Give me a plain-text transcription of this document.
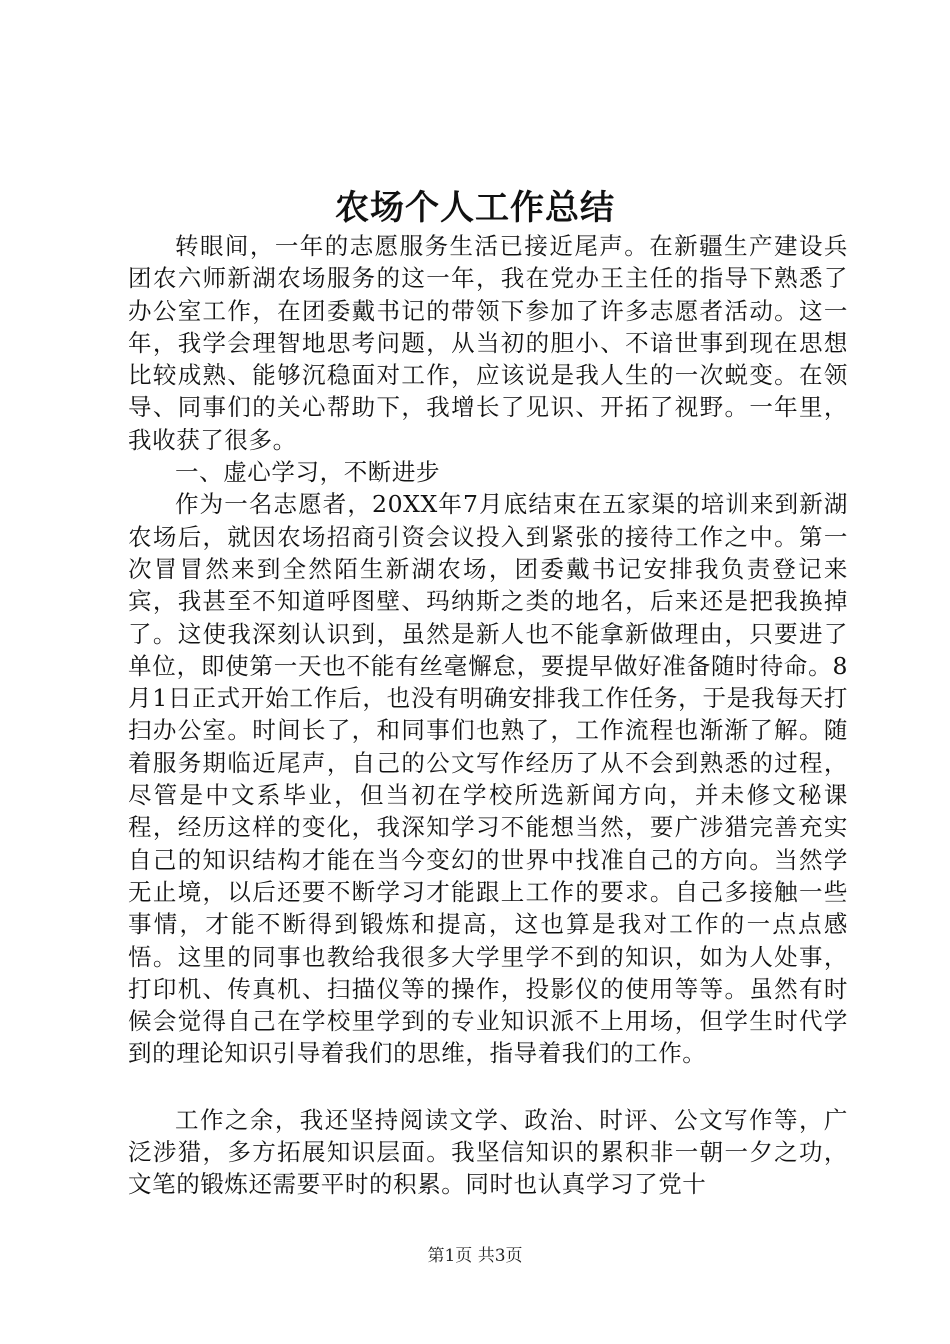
农场个人工作总结

转眼间，一年的志愿服务生活已接近尾声。在新疆生产建设兵团农六师新湖农场服务的这一年，我在党办王主任的指导下熟悉了办公室工作，在团委戴书记的带领下参加了许多志愿者活动。这一年，我学会理智地思考问题，从当初的胆小、不谙世事到现在思想比较成熟、能够沉稳面对工作，应该说是我人生的一次蜕变。在领导、同事们的关心帮助下，我增长了见识、开拓了视野。一年里，我收获了很多。

一、虚心学习，不断进步

作为一名志愿者，20XX年7月底结束在五家渠的培训来到新湖农场后，就因农场招商引资会议投入到紧张的接待工作之中。第一次冒冒然来到全然陌生新湖农场，团委戴书记安排我负责登记来宾，我甚至不知道呼图壁、玛纳斯之类的地名，后来还是把我换掉了。这使我深刻认识到，虽然是新人也不能拿新做理由，只要进了单位，即使第一天也不能有丝毫懈怠，要提早做好准备随时待命。8月1日正式开始工作后，也没有明确安排我工作任务，于是我每天打扫办公室。时间长了，和同事们也熟了，工作流程也渐渐了解。随着服务期临近尾声，自己的公文写作经历了从不会到熟悉的过程，尽管是中文系毕业，但当初在学校所选新闻方向，并未修文秘课程，经历这样的变化，我深知学习不能想当然，要广涉猎完善充实自己的知识结构才能在当今变幻的世界中找准自己的方向。当然学无止境，以后还要不断学习才能跟上工作的要求。自己多接触一些事情，才能不断得到锻炼和提高，这也算是我对工作的一点点感悟。这里的同事也教给我很多大学里学不到的知识，如为人处事，打印机、传真机、扫描仪等的操作，投影仪的使用等等。虽然有时候会觉得自己在学校里学到的专业知识派不上用场，但学生时代学到的理论知识引导着我们的思维，指导着我们的工作。

工作之余，我还坚持阅读文学、政治、时评、公文写作等，广泛涉猎，多方拓展知识层面。我坚信知识的累积非一朝一夕之功，文笔的锻炼还需要平时的积累。同时也认真学习了党十

第1页 共3页
